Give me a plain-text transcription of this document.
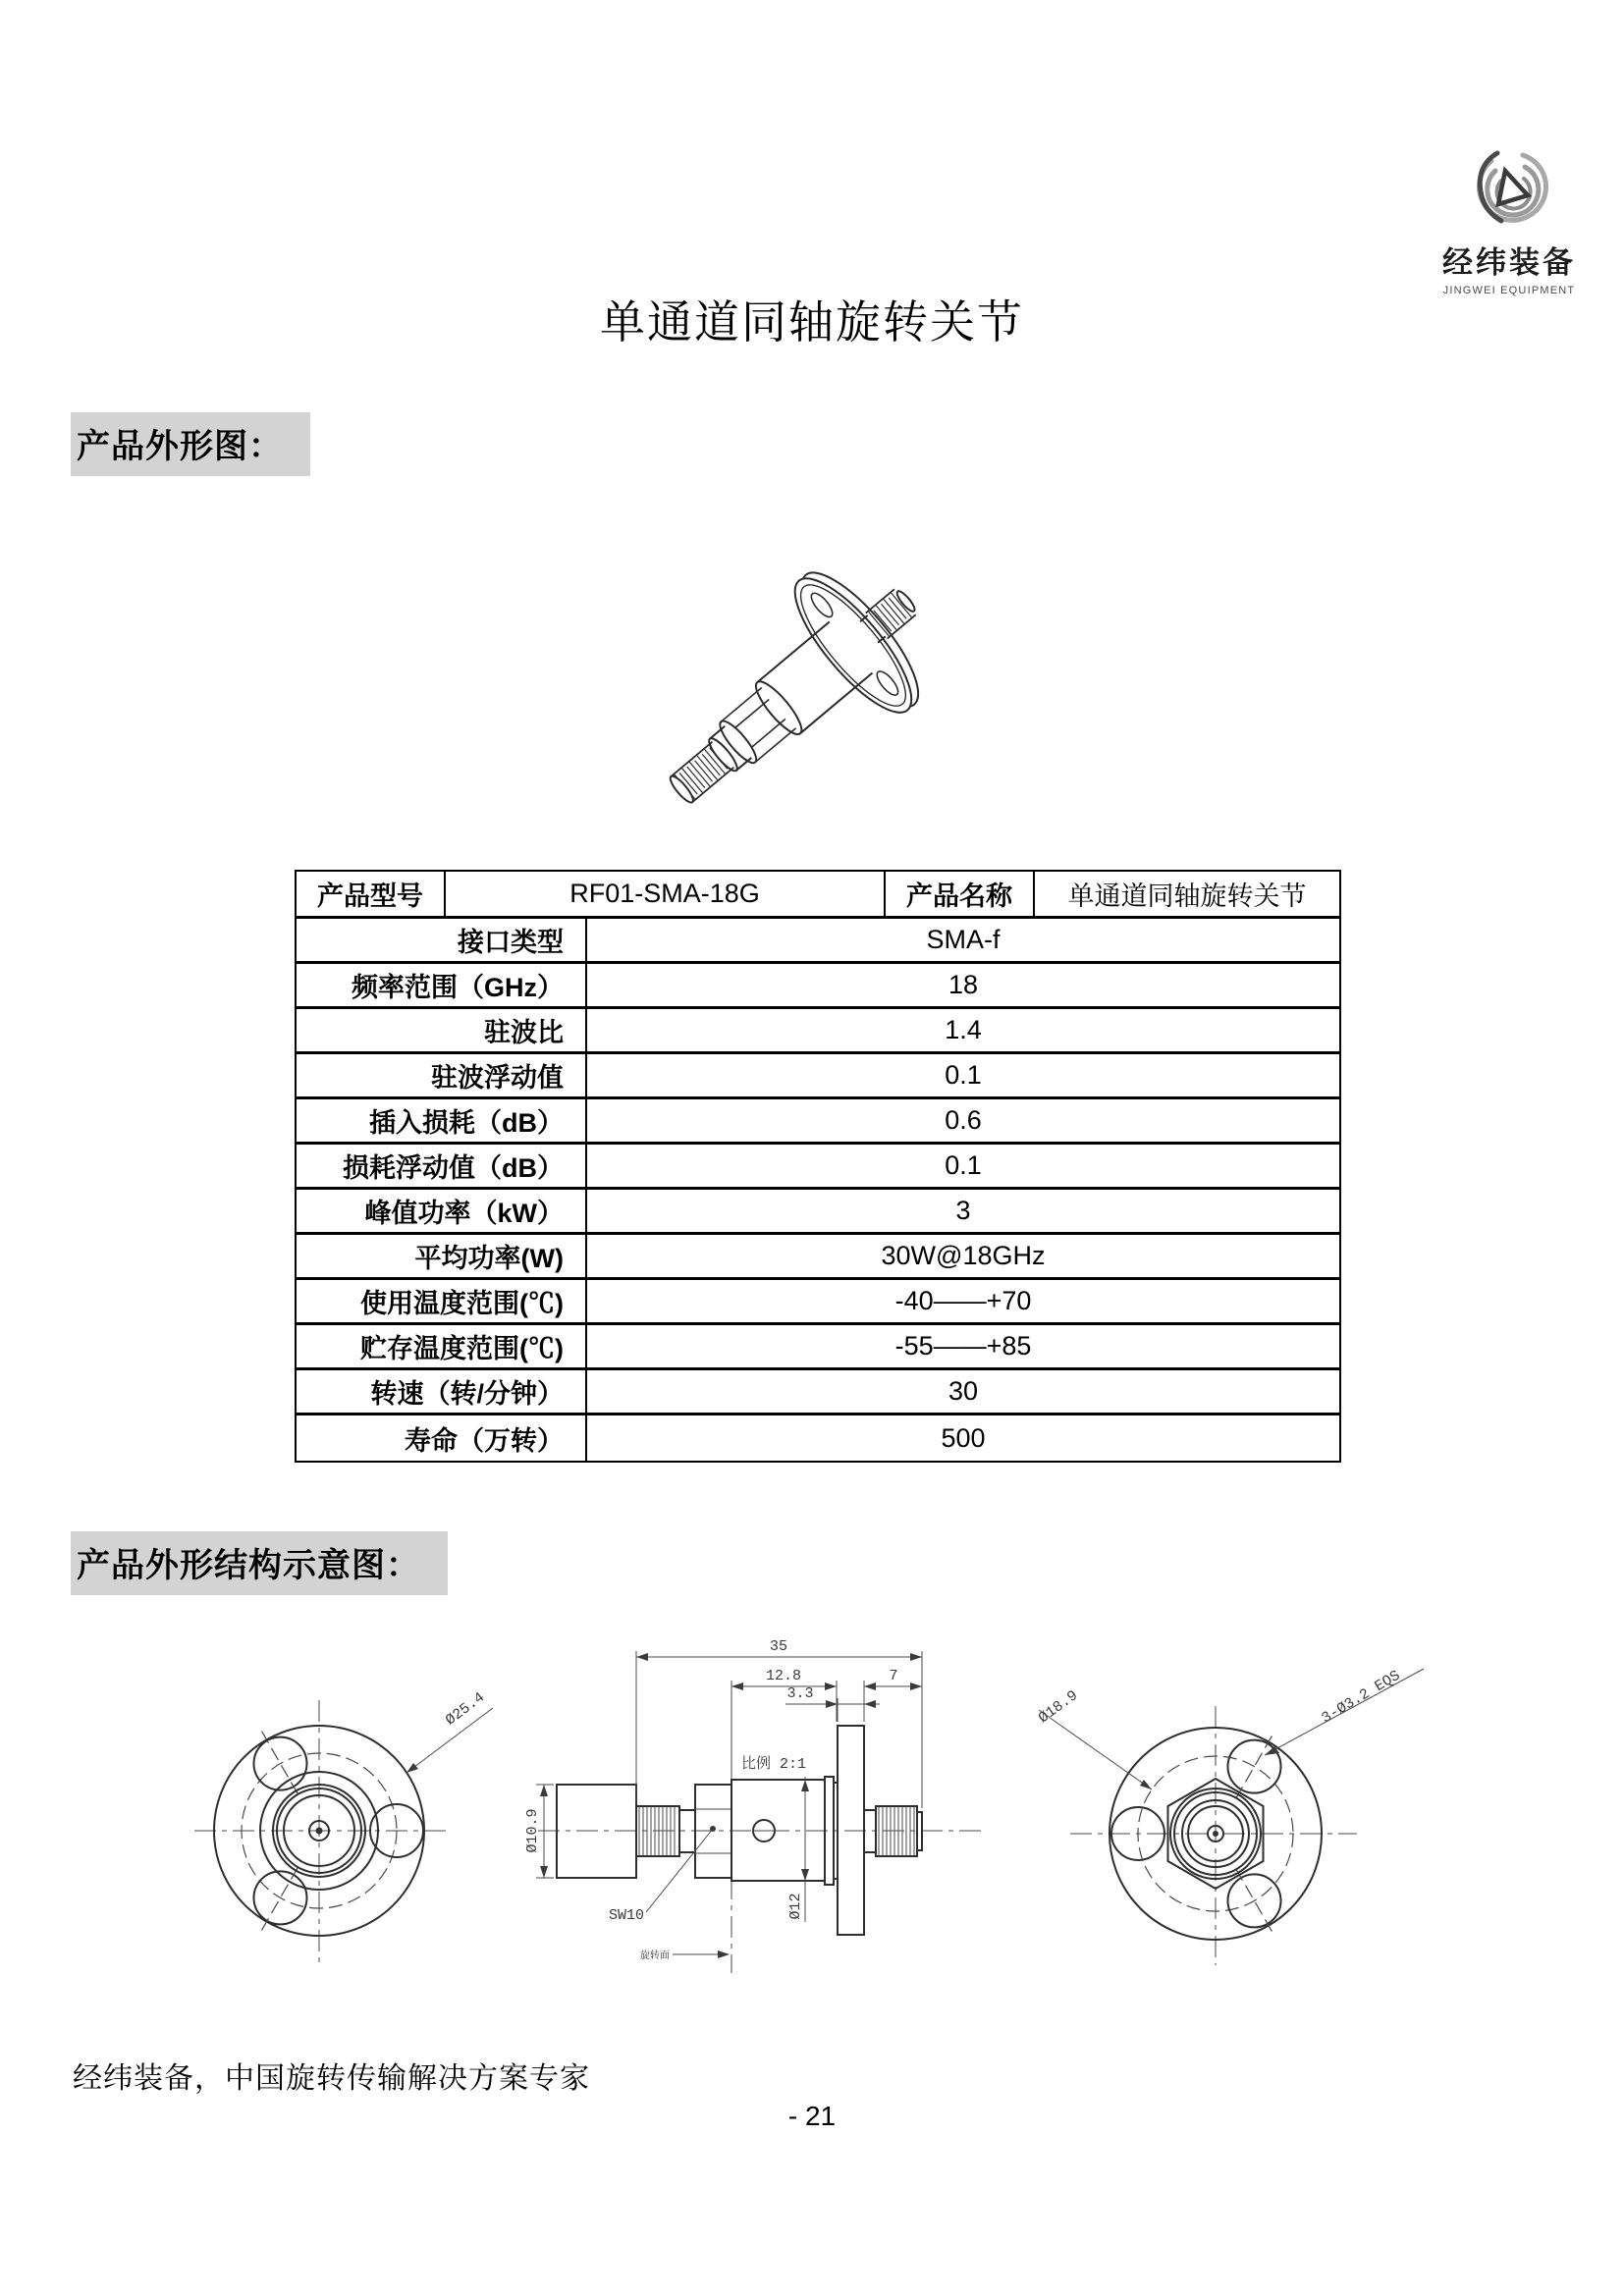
经纬装备
JINGWEI EQUIPMENT
单通道同轴旋转关节
产品外形图：
产品型号	RF01-SMA-18G	产品名称	单通道同轴旋转关节
接口类型	SMA-f
频率范围（GHz）	18
驻波比	1.4
驻波浮动值	0.1
插入损耗（dB）	0.6
损耗浮动值（dB）	0.1
峰值功率（kW）	3
平均功率(W)	30W@18GHz
使用温度范围(℃)	-40——+70
贮存温度范围(℃)	-55——+85
转速（转/分钟）	30
寿命（万转）	500
产品外形结构示意图：
Ø25.4
35
12.8	7
3.3
Ø10.9
Ø12
SW10
比例 2:1
旋转面
3-Ø3.2 EQS
Ø18.9
经纬装备，中国旋转传输解决方案专家
- 21
